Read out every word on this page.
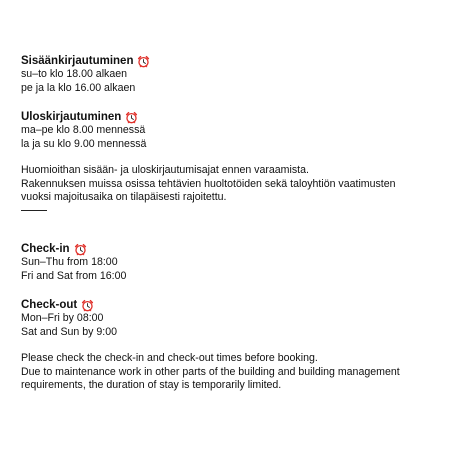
Sisäänkirjautuminen
su–to klo 18.00 alkaen
pe ja la klo 16.00 alkaen
Uloskirjautuminen
ma–pe klo 8.00 mennessä
la ja su klo 9.00 mennessä
Huomioithan sisään- ja uloskirjautumisajat ennen varaamista.
Rakennuksen muissa osissa tehtävien huoltotöiden sekä taloyhtiön vaatimusten
vuoksi majoitusaika on tilapäisesti rajoitettu.
Check-in
Sun–Thu from 18:00
Fri and Sat from 16:00
Check-out
Mon–Fri by 08:00
Sat and Sun by 9:00
Please check the check-in and check-out times before booking.
Due to maintenance work in other parts of the building and building management
requirements, the duration of stay is temporarily limited.
